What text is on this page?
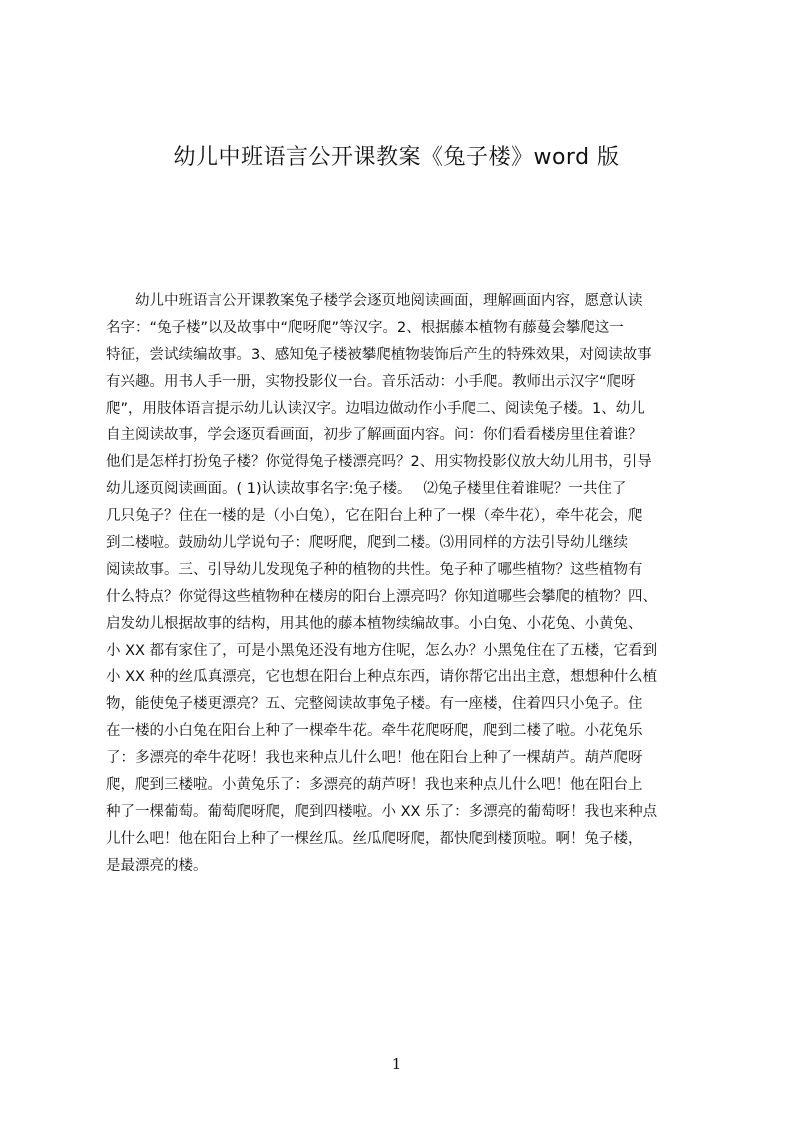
幼儿中班语言公开课教案《兔子楼》word 版
　　幼儿中班语言公开课教案兔子楼学会逐页地阅读画面，理解画面内容，愿意认读
名字：“兔子楼”以及故事中“爬呀爬”等汉字。2、根据藤本植物有藤蔓会攀爬这一
特征，尝试续编故事。3、感知兔子楼被攀爬植物装饰后产生的特殊效果，对阅读故事
有兴趣。用书人手一册，实物投影仪一台。音乐活动：小手爬。教师出示汉字“爬呀
爬”，用肢体语言提示幼儿认读汉字。边唱边做动作小手爬二、阅读兔子楼。1、幼儿
自主阅读故事，学会逐页看画面，初步了解画面内容。问：你们看看楼房里住着谁？
他们是怎样打扮兔子楼？你觉得兔子楼漂亮吗？2、用实物投影仪放大幼儿用书，引导
幼儿逐页阅读画面。( 1)认读故事名字:兔子楼。　 ⑵兔子楼里住着谁呢？一共住了
几只兔子？住在一楼的是（小白兔），它在阳台上种了一棵（牵牛花），牵牛花会，爬
到二楼啦。鼓励幼儿学说句子：爬呀爬，爬到二楼。⑶用同样的方法引导幼儿继续
阅读故事。三、引导幼儿发现兔子种的植物的共性。兔子种了哪些植物？这些植物有
什么特点？你觉得这些植物种在楼房的阳台上漂亮吗？你知道哪些会攀爬的植物？四、
启发幼儿根据故事的结构，用其他的藤本植物续编故事。小白兔、小花兔、小黄兔、
小 XX 都有家住了，可是小黑兔还没有地方住呢，怎么办？小黑兔住在了五楼，它看到
小 XX 种的丝瓜真漂亮，它也想在阳台上种点东西，请你帮它出出主意，想想种什么植
物，能使兔子楼更漂亮？五、完整阅读故事兔子楼。有一座楼，住着四只小兔子。住
在一楼的小白兔在阳台上种了一棵牵牛花。牵牛花爬呀爬，爬到二楼了啦。小花兔乐
了：多漂亮的牵牛花呀！我也来种点儿什么吧！他在阳台上种了一棵葫芦。葫芦爬呀
爬，爬到三楼啦。小黄兔乐了：多漂亮的葫芦呀！我也来种点儿什么吧！他在阳台上
种了一棵葡萄。葡萄爬呀爬，爬到四楼啦。小 XX 乐了：多漂亮的葡萄呀！我也来种点
儿什么吧！他在阳台上种了一棵丝瓜。丝瓜爬呀爬，都快爬到楼顶啦。啊！兔子楼，
是最漂亮的楼。
1
